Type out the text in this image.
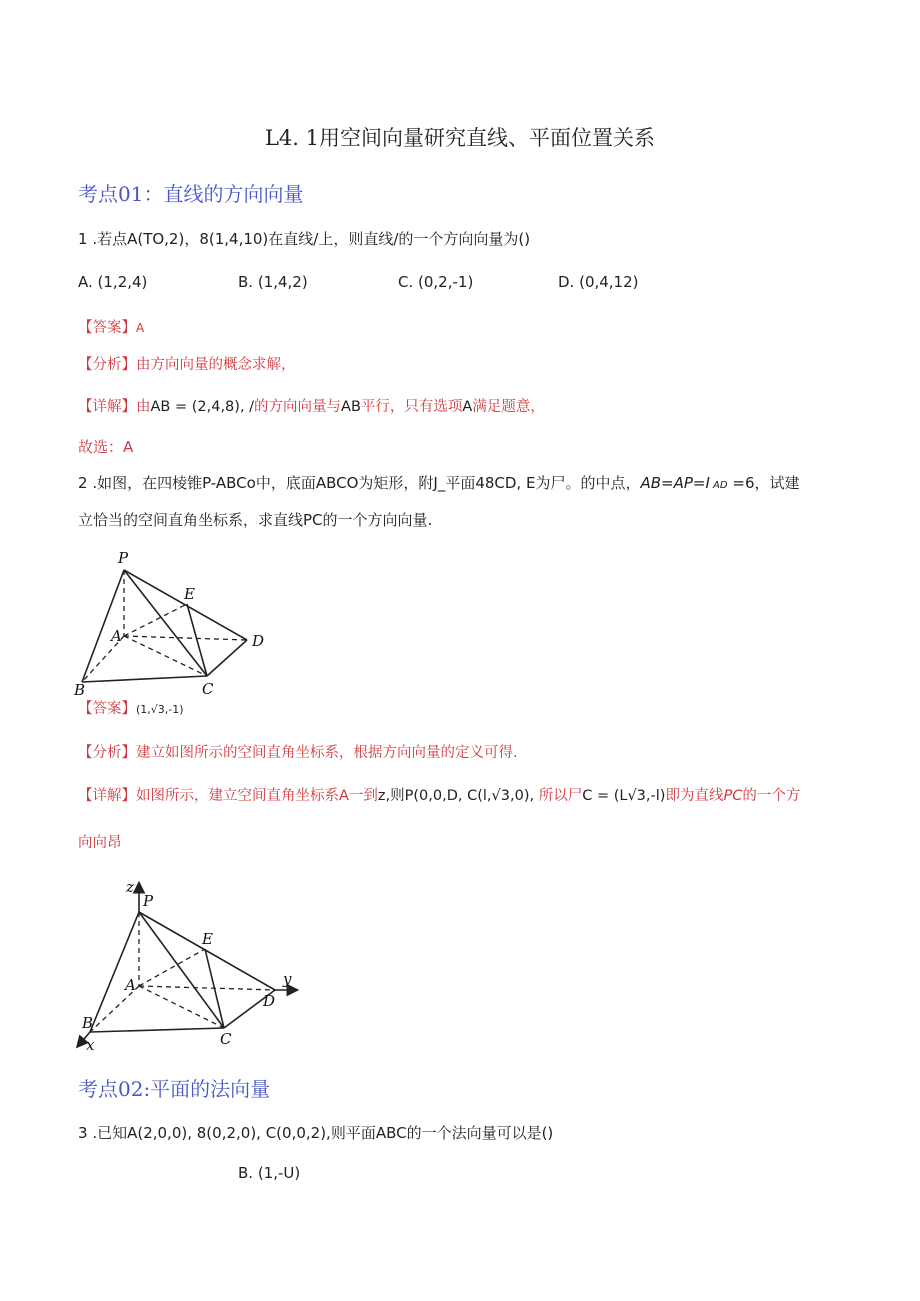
L4. 1用空间向量研究直线、平面位置关系
考点01：直线的方向向量
1 .若点A(TO,2)，8(1,4,10)在直线/上，则直线/的一个方向向量为()
A. (1,2,4)	B. (1,4,2)	C. (0,2,-1)	D. (0,4,12)
【答案】A
【分析】由方向向量的概念求解，
【详解】由AB = (2,4,8), /的方向向量与AB平行，只有选项A满足题意，
故选：A
2 .如图，在四棱锥P-ABCo中，底面ABCO为矩形，附J_平面48CD, E为尸。的中点，AB=AP=I AD =6，试建
立恰当的空间直角坐标系，求直线PC的一个方向向量.
P
E
A	D
B	C
【答案】(1,√3,-1)
【分析】建立如图所示的空间直角坐标系，根据方向向量的定义可得.
【详解】如图所示，建立空间直角坐标系A一到z,则P(0,0,D, C(l,√3,0), 所以尸C = (L√3,-l)即为直线PC的一个方
向向昂
z
P
E
A	y
D
B
C
x
考点02:平面的法向量
3 .已知A(2,0,0), 8(0,2,0), C(0,0,2),则平面ABC的一个法向量可以是()
B. (1,-U)
